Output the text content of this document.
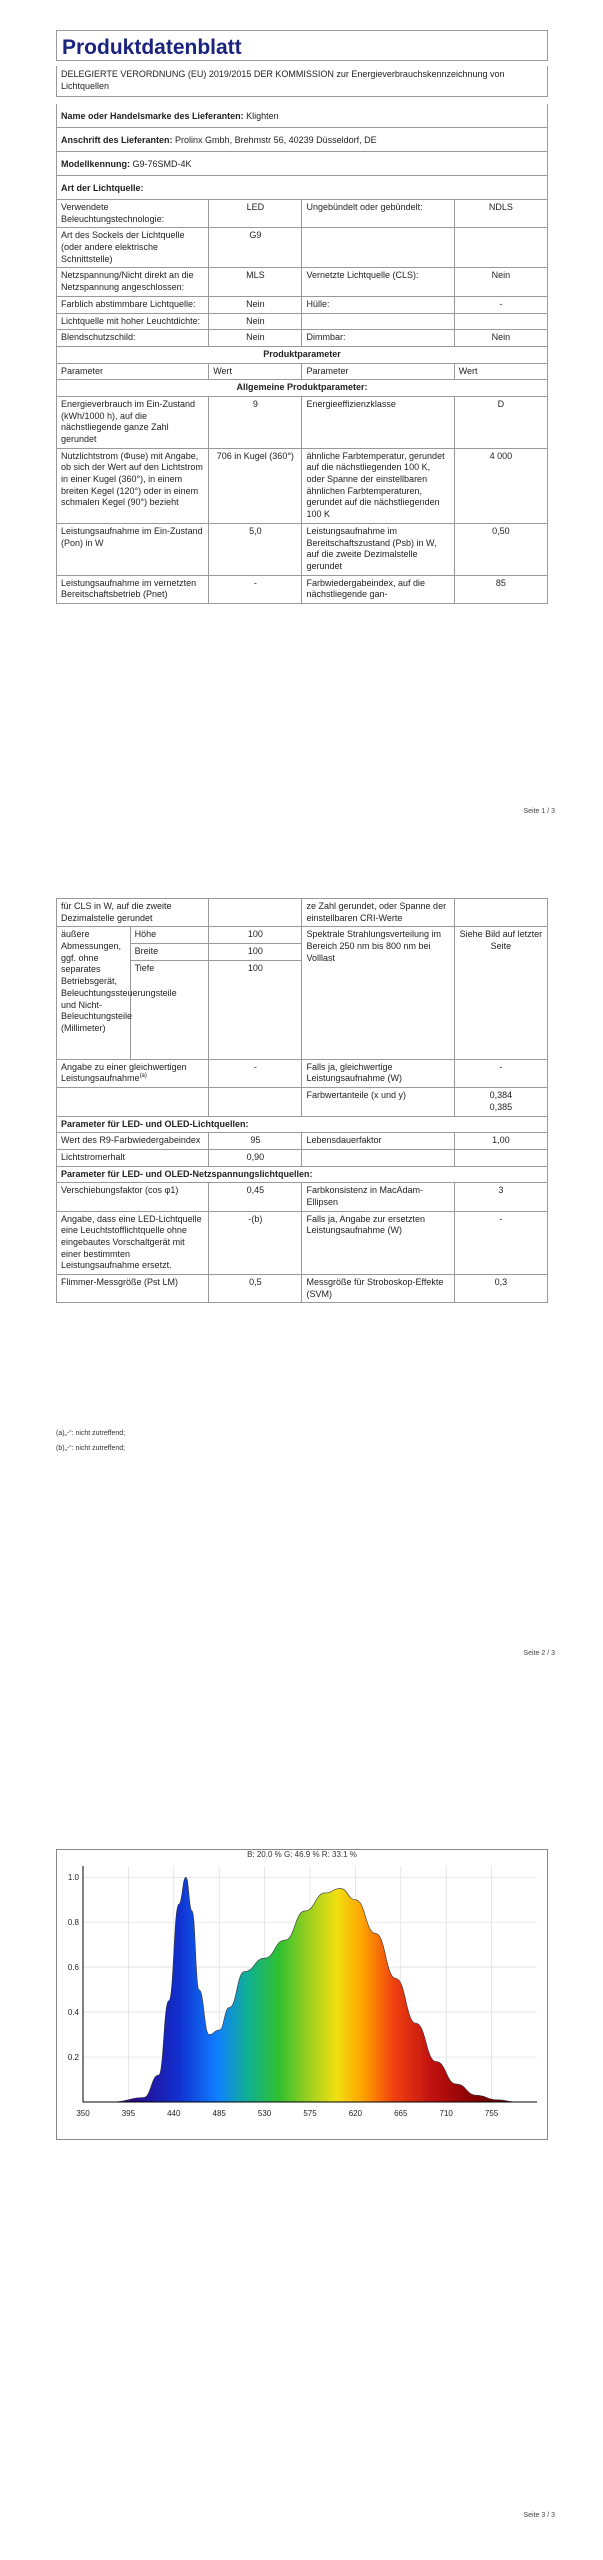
Produktdatenblatt
DELEGIERTE VERORDNUNG (EU) 2019/2015 DER KOMMISSION zur Energieverbrauchskennzeichnung von Lichtquellen
Name oder Handelsmarke des Lieferanten: Klighten
Anschrift des Lieferanten: Prolinx Gmbh, Brehmstr 56, 40239 Düsseldorf, DE
Modellkennung: G9-76SMD-4K
Art der Lichtquelle:
Verwendete Beleuchtungstechnologie:	LED	Ungebündelt oder gebündelt:	NDLS
Art des Sockels der Lichtquelle (oder andere elektrische Schnittstelle)	G9		
Netzspannung/Nicht direkt an die Netzspannung angeschlossen:	MLS	Vernetzte Lichtquelle (CLS):	Nein
Farblich abstimmbare Lichtquelle:	Nein	Hülle:	-
Lichtquelle mit hoher Leuchtdichte:	Nein		
Blendschutzschild:	Nein	Dimmbar:	Nein
Produktparameter			
Parameter	Wert	Parameter	Wert
Allgemeine Produktparameter:			
Energieverbrauch im Ein-Zustand (kWh/1000 h), auf die nächstliegende ganze Zahl gerundet	9	Energieeffizienzklasse	D
Nutzlichtstrom (Φuse) mit Angabe, ob sich der Wert auf den Lichtstrom in einer Kugel (360°), in einem breiten Kegel (120°) oder in einem schmalen Kegel (90°) bezieht	706 in Kugel (360°)	ähnliche Farbtemperatur, gerundet auf die nächstliegenden 100 K, oder Spanne der einstellbaren ähnlichen Farbtemperaturen, gerundet auf die nächstliegenden 100 K	4 000
Leistungsaufnahme im Ein-Zustand (Pon) in W	5,0	Leistungsaufnahme im Bereitschaftszustand (Psb) in W, auf die zweite Dezimalstelle gerundet	0,50
Leistungsaufnahme im vernetzten Bereitschaftsbetrieb (Pnet)	-	Farbwiedergabeindex, auf die nächstliegende gan-	85
Seite 1 / 3
für CLS in W, auf die zweite Dezimalstelle gerundet			ze Zahl gerundet, oder Spanne der einstellbaren CRI-Werte	
äußere Abmessungen, ggf. ohne separates Betriebsgerät, Beleuchtungssteuerungsteile und Nicht-Beleuchtungsteile (Millimeter)	Höhe	100	Spektrale Strahlungsverteilung im Bereich 250 nm bis 800 nm bei Volllast	Siehe Bild auf letzter Seite
	Breite	100		
	Tiefe	100		
Angabe zu einer gleichwertigen Leistungsaufnahme$^{(a)}$		-	Falls ja, gleichwertige Leistungsaufnahme (W)	-
			Farbwertanteile (x und y)	0,384
0,385

Parameter für LED- und OLED-Lichtquellen:				
Wert des R9-Farbwiedergabeindex		95	Lebensdauerfaktor	1,00
Lichtstromerhalt		0,90		
Parameter für LED- und OLED-Netzspannungslichtquellen:				
Verschiebungsfaktor (cos φ1)		0,45	Farbkonsistenz in MacAdam-Ellipsen	3
Angabe, dass eine LED-Lichtquelle eine Leuchtstofflichtquelle ohne eingebautes Vorschaltgerät mit einer bestimmten Leistungsaufnahme ersetzt.		-(b)	Falls ja, Angabe zur ersetzten Leistungsaufnahme (W)	-
Flimmer-Messgröße (Pst LM)		0,5	Messgröße für Stroboskop-Effekte (SVM)	0,3
(a)„-“: nicht zutreffend;
(b)„-“: nicht zutreffend;
Seite 2 / 3
B: 20.0 % G: 46.9 % R: 33.1 %
350	395	440	485	530	575	620	665	710	755
0.2
0.4
0.6
0.8
1.0
Seite 3 / 3
